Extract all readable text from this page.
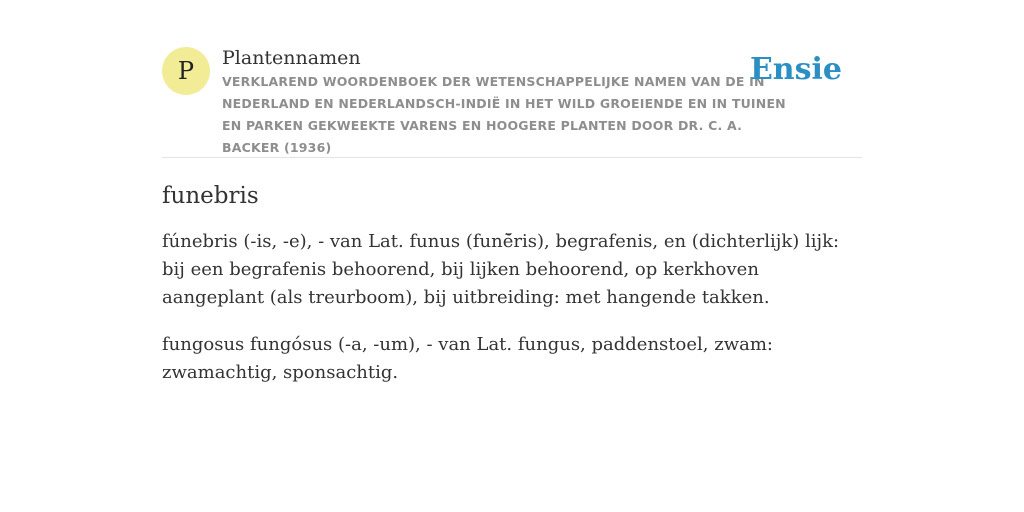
P	Plantennamen
VERKLAREND WOORDENBOEK DER WETENSCHAPPELIJKE NAMEN VAN DE IN NEDERLAND EN NEDERLANDSCH-INDIË IN HET WILD GROEIENDE EN IN TUINEN EN PARKEN GEKWEEKTE VARENS EN HOOGERE PLANTEN DOOR DR. C. A. BACKER (1936)
Ensie
funebris

fúnebris (-is, -e), - van Lat. funus (funē̆ris), begrafenis, en (dichterlijk) lijk: bij een begrafenis behoorend, bij lijken behoorend, op kerkhoven aangeplant (als treurboom), bij uitbreiding: met hangende takken.

fungosus fungósus (-a, -um), - van Lat. fungus, paddenstoel, zwam: zwamachtig, sponsachtig.
